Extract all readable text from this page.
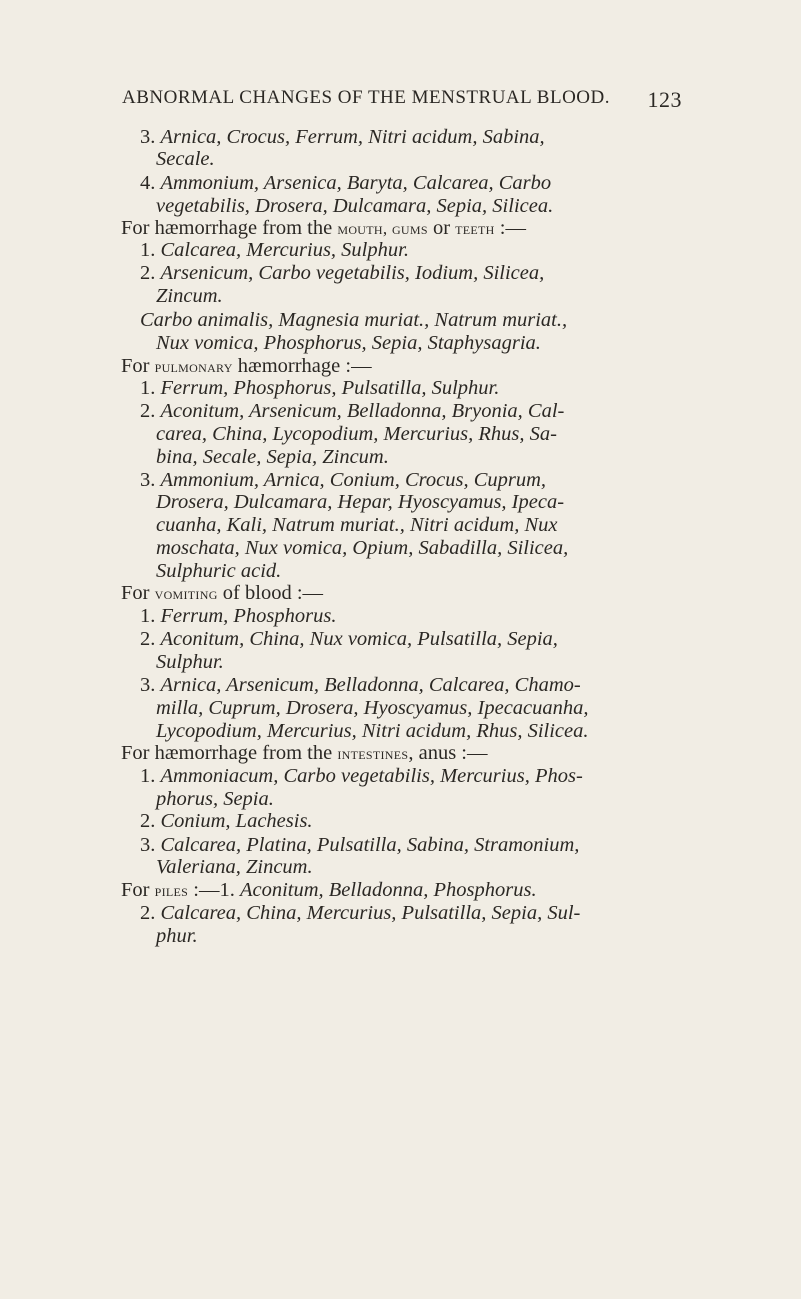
ABNORMAL CHANGES OF THE MENSTRUAL BLOOD. 123
3. Arnica, Crocus, Ferrum, Nitri acidum, Sabina,
Secale.
4. Ammonium, Arsenica, Baryta, Calcarea, Carbo
vegetabilis, Drosera, Dulcamara, Sepia, Silicea.
For hæmorrhage from the mouth, gums or teeth :—
1. Calcarea, Mercurius, Sulphur.
2. Arsenicum, Carbo vegetabilis, Iodium, Silicea,
Zincum.
Carbo animalis, Magnesia muriat., Natrum muriat.,
Nux vomica, Phosphorus, Sepia, Staphysagria.
For pulmonary hæmorrhage :—
1. Ferrum, Phosphorus, Pulsatilla, Sulphur.
2. Aconitum, Arsenicum, Belladonna, Bryonia, Cal-
carea, China, Lycopodium, Mercurius, Rhus, Sa-
bina, Secale, Sepia, Zincum.
3. Ammonium, Arnica, Conium, Crocus, Cuprum,
Drosera, Dulcamara, Hepar, Hyoscyamus, Ipeca-
cuanha, Kali, Natrum muriat., Nitri acidum, Nux
moschata, Nux vomica, Opium, Sabadilla, Silicea,
Sulphuric acid.
For vomiting of blood :—
1. Ferrum, Phosphorus.
2. Aconitum, China, Nux vomica, Pulsatilla, Sepia,
Sulphur.
3. Arnica, Arsenicum, Belladonna, Calcarea, Chamo-
milla, Cuprum, Drosera, Hyoscyamus, Ipecacuanha,
Lycopodium, Mercurius, Nitri acidum, Rhus, Silicea.
For hæmorrhage from the intestines, anus :—
1. Ammoniacum, Carbo vegetabilis, Mercurius, Phos-
phorus, Sepia.
2. Conium, Lachesis.
3. Calcarea, Platina, Pulsatilla, Sabina, Stramonium,
Valeriana, Zincum.
For piles :—1. Aconitum, Belladonna, Phosphorus.
2. Calcarea, China, Mercurius, Pulsatilla, Sepia, Sul-
phur.
